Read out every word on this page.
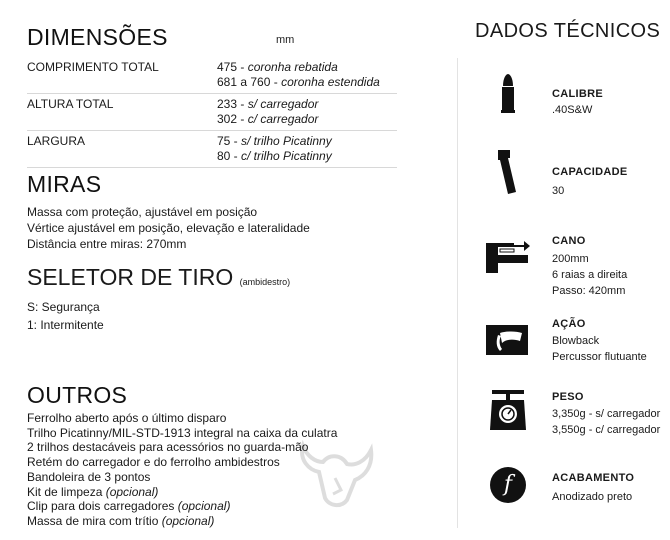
DIMENSÕES	mm
COMPRIMENTO TOTAL	475 - coronha rebatida
681 a 760 - coronha estendida
ALTURA TOTAL	233 - s/ carregador
302 - c/ carregador
LARGURA	75 - s/ trilho Picatinny
80 - c/ trilho Picatinny
MIRAS
Massa com proteção, ajustável em posição
Vértice ajustável em posição, elevação e lateralidade
Distância entre miras: 270mm
SELETOR DE TIRO (ambidestro)
S: Segurança
1: Intermitente
OUTROS
Ferrolho aberto após o último disparo
Trilho Picatinny/MIL-STD-1913 integral na caixa da culatra
2 trilhos destacáveis para acessórios no guarda-mão
Retém do carregador e do ferrolho ambidestros
Bandoleira de 3 pontos
Kit de limpeza (opcional)
Clip para dois carregadores (opcional)
Massa de mira com trítio (opcional)
DADOS TÉCNICOS
CALIBRE
.40S&W
CAPACIDADE
30
CANO
200mm
6 raias a direita
Passo: 420mm
AÇÃO
Blowback
Percussor flutuante
PESO
3,350g - s/ carregador
3,550g - c/ carregador
f	ACABAMENTO
Anodizado preto
